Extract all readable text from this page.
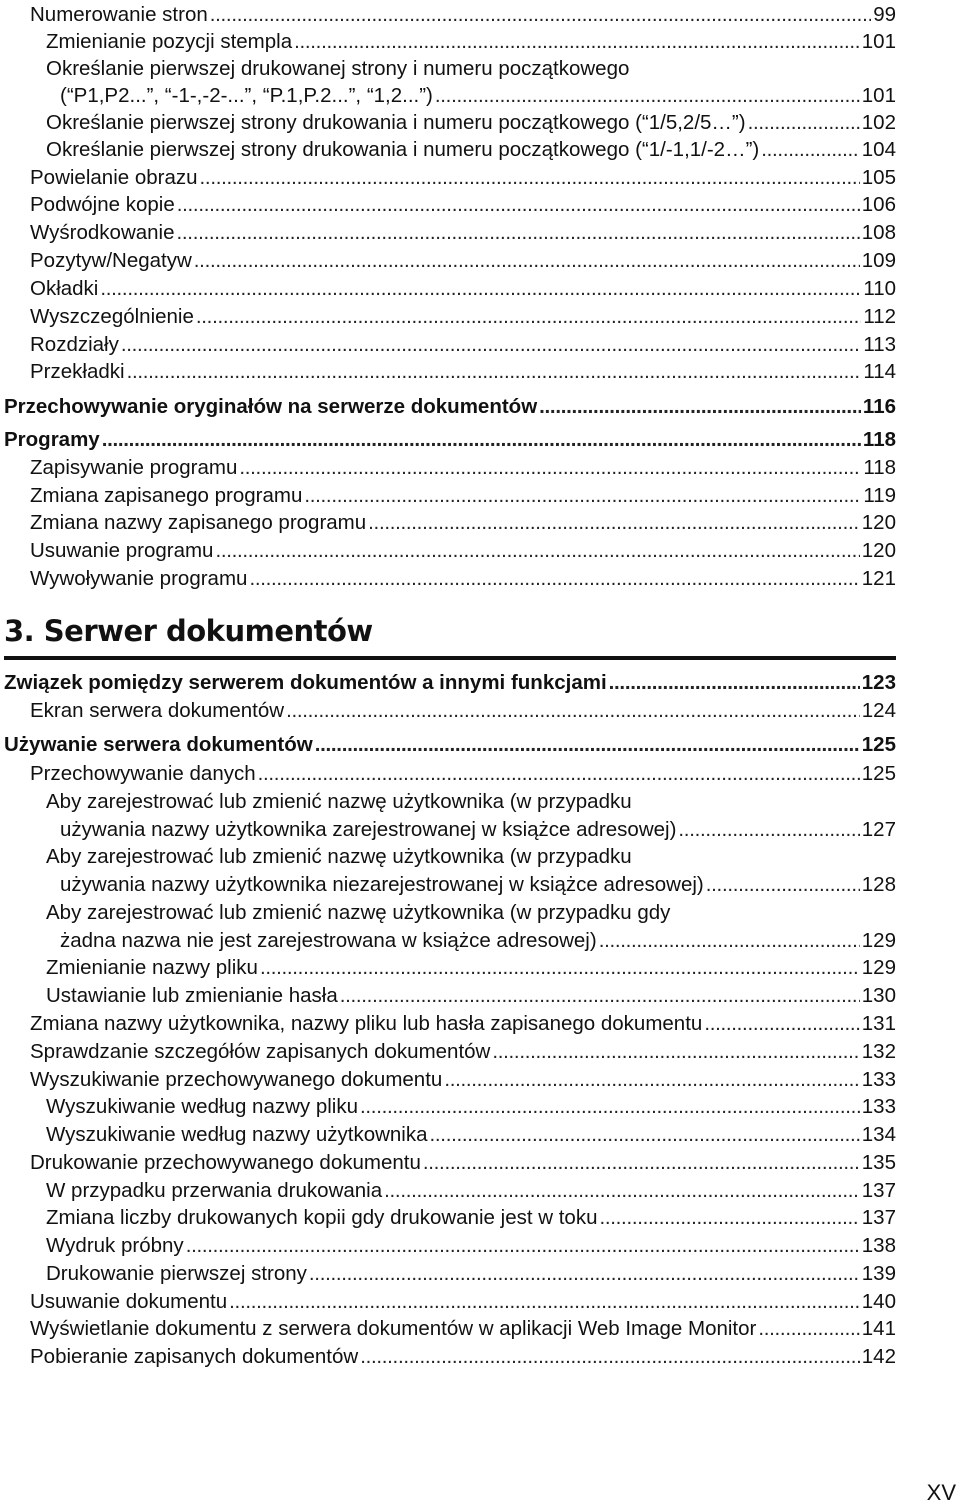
Numerowanie stron . . .	99
Zmienianie pozycji stempla . . .	101
Określanie pierwszej drukowanej strony i numeru początkowego
(“P1,P2...”, “-1-,-2-...”, “P.1,P.2...”, “1,2...”) . . .	101
Określanie pierwszej strony drukowania i numeru początkowego (“1/5,2/5…”) . . .	102
Określanie pierwszej strony drukowania i numeru początkowego (“1/-1,1/-2…”) . . .	104
Powielanie obrazu . . .	105
Podwójne kopie . . .	106
Wyśrodkowanie . . .	108
Pozytyw/Negatyw . . .	109
Okładki . . .	110
Wyszczególnienie . . .	112
Rozdziały . . .	113
Przekładki . . .	114
Przechowywanie oryginałów na serwerze dokumentów . . .	116
Programy . . .	118
Zapisywanie programu . . .	118
Zmiana zapisanego programu . . .	119
Zmiana nazwy zapisanego programu . . .	120
Usuwanie programu . . .	120
Wywoływanie programu . . .	121
3. Serwer dokumentów
Związek pomiędzy serwerem dokumentów a innymi funkcjami . . .	123
Ekran serwera dokumentów . . .	124
Używanie serwera dokumentów . . .	125
Przechowywanie danych . . .	125
Aby zarejestrować lub zmienić nazwę użytkownika (w przypadku
używania nazwy użytkownika zarejestrowanej w książce adresowej) . . .	127
Aby zarejestrować lub zmienić nazwę użytkownika (w przypadku
używania nazwy użytkownika niezarejestrowanej w książce adresowej) . . .	128
Aby zarejestrować lub zmienić nazwę użytkownika (w przypadku gdy
żadna nazwa nie jest zarejestrowana w książce adresowej) . . .	129
Zmienianie nazwy pliku . . .	129
Ustawianie lub zmienianie hasła . . .	130
Zmiana nazwy użytkownika, nazwy pliku lub hasła zapisanego dokumentu . . .	131
Sprawdzanie szczegółów zapisanych dokumentów . . .	132
Wyszukiwanie przechowywanego dokumentu . . .	133
Wyszukiwanie według nazwy pliku . . .	133
Wyszukiwanie według nazwy użytkownika . . .	134
Drukowanie przechowywanego dokumentu . . .	135
W przypadku przerwania drukowania . . .	137
Zmiana liczby drukowanych kopii gdy drukowanie jest w toku . . .	137
Wydruk próbny . . .	138
Drukowanie pierwszej strony . . .	139
Usuwanie dokumentu . . .	140
Wyświetlanie dokumentu z serwera dokumentów w aplikacji Web Image Monitor . . .	141
Pobieranie zapisanych dokumentów . . .	142
XV
